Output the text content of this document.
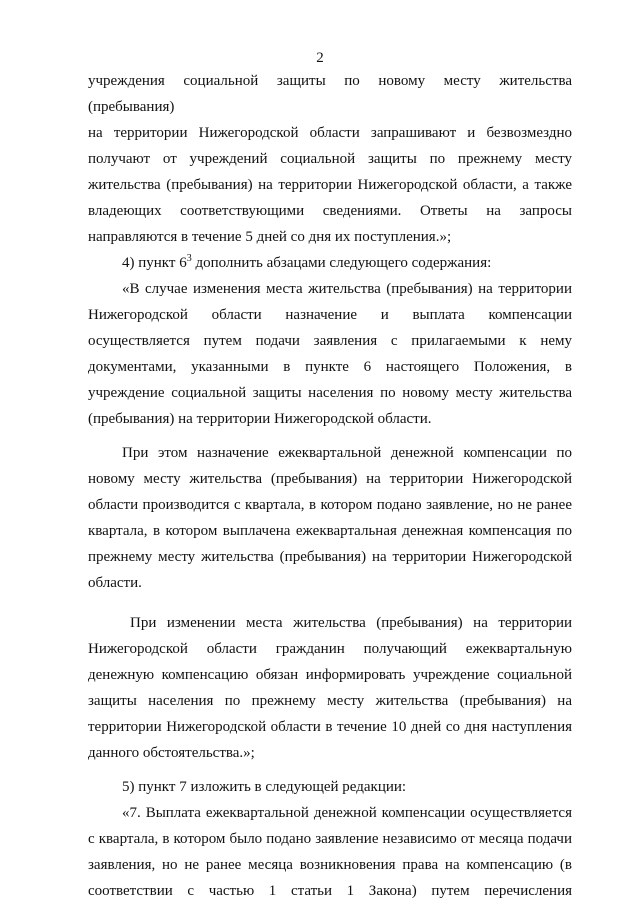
2

учреждения социальной защиты по новому месту жительства (пребывания)
на территории Нижегородской области запрашивают и безвозмездно
получают от учреждений социальной защиты по прежнему месту
жительства (пребывания) на территории Нижегородской области, а также
владеющих соответствующими сведениями. Ответы на запросы
направляются в течение 5 дней со дня их поступления.»;

4) пункт $6^3$ дополнить абзацами следующего содержания:

«В случае изменения места жительства (пребывания) на территории
Нижегородской области назначение и выплата компенсации
осуществляется путем подачи заявления с прилагаемыми к нему
документами, указанными в пункте 6 настоящего Положения, в
учреждение социальной защиты населения по новому месту жительства
(пребывания) на территории Нижегородской области.

При этом назначение ежеквартальной денежной компенсации по
новому месту жительства (пребывания) на территории Нижегородской
области производится с квартала, в котором подано заявление, но не ранее
квартала, в котором выплачена ежеквартальная денежная компенсация по
прежнему месту жительства (пребывания) на территории Нижегородской
области.

При изменении места жительства (пребывания) на территории
Нижегородской области гражданин получающий ежеквартальную
денежную компенсацию обязан информировать учреждение социальной
защиты населения по прежнему месту жительства (пребывания) на
территории Нижегородской области в течение 10 дней со дня наступления
данного обстоятельства.»;

5) пункт 7 изложить в следующей редакции:

«7. Выплата ежеквартальной денежной компенсации осуществляется
с квартала, в котором было подано заявление независимо от месяца подачи
заявления, но не ранее месяца возникновения права на компенсацию (в
соответствии с частью 1 статьи 1 Закона) путем перечисления
